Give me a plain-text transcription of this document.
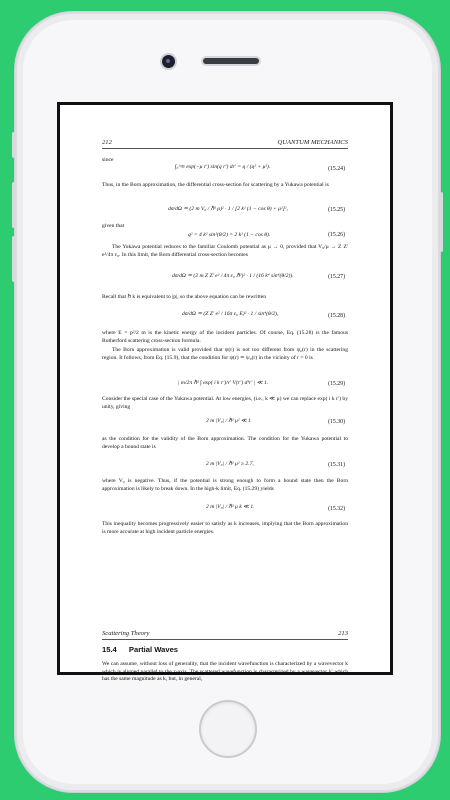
212	QUANTUM MECHANICS
since
∫₀^∞ exp(−μ r′) sin(q r′) dr′ = q / (q² + μ²).	(15.24)
Thus, in the Born approximation, the differential cross-section for scattering by a Yukawa potential is
dσ/dΩ ≃ (2 m V₀ / ℏ² μ)² · 1 / [2 k² (1 − cos θ) + μ²]²,	(15.25)
given that
q² = 4 k² sin²(θ/2) = 2 k² (1 − cos θ).	(15.26)
The Yukawa potential reduces to the familiar Coulomb potential as μ → 0, provided that V₀/μ → Z Z′ e²/4π ε₀. In this limit, the Born differential cross-section becomes
dσ/dΩ ≃ (2 m Z Z′ e² / 4π ε₀ ℏ²)² · 1 / (16 k⁴ sin⁴(θ/2)).	(15.27)
Recall that ℏ k is equivalent to |p|, so the above equation can be rewritten
dσ/dΩ ≃ (Z Z′ e² / 16π ε₀ E)² · 1 / sin⁴(θ/2),	(15.28)
where E = p²/2 m is the kinetic energy of the incident particles. Of course, Eq. (15.28) is the famous Rutherford scattering cross-section formula.
The Born approximation is valid provided that ψ(r) is not too different from ψ₀(r) in the scattering region. It follows, from Eq. (15.9), that the condition for ψ(r) ≃ ψ₀(r) in the vicinity of r = 0 is
| m/2π ℏ² ∫ exp( i k r′)/r′ V(r′) d³r′ | ≪ 1.	(15.29)
Consider the special case of the Yukawa potential. At low energies, (i.e., k ≪ μ) we can replace exp( i k r′) by unity, giving
2 m |V₀| / ℏ² μ² ≪ 1	(15.30)
as the condition for the validity of the Born approximation. The condition for the Yukawa potential to develop a bound state is
2 m |V₀| / ℏ² μ² ≥ 2.7,	(15.31)
where V₀ is negative. Thus, if the potential is strong enough to form a bound state then the Born approximation is likely to break down. In the high-k limit, Eq. (15.29) yields
2 m |V₀| / ℏ² μ k ≪ 1.	(15.32)
This inequality becomes progressively easier to satisfy as k increases, implying that the Born approximation is more accurate at high incident particle energies.
Scattering Theory	213
15.4 Partial Waves
We can assume, without loss of generality, that the incident wavefunction is characterized by a wavevector k which is aligned parallel to the z-axis. The scattered wavefunction is characterized by a wavevector k′ which has the same magnitude as k, but, in general,
